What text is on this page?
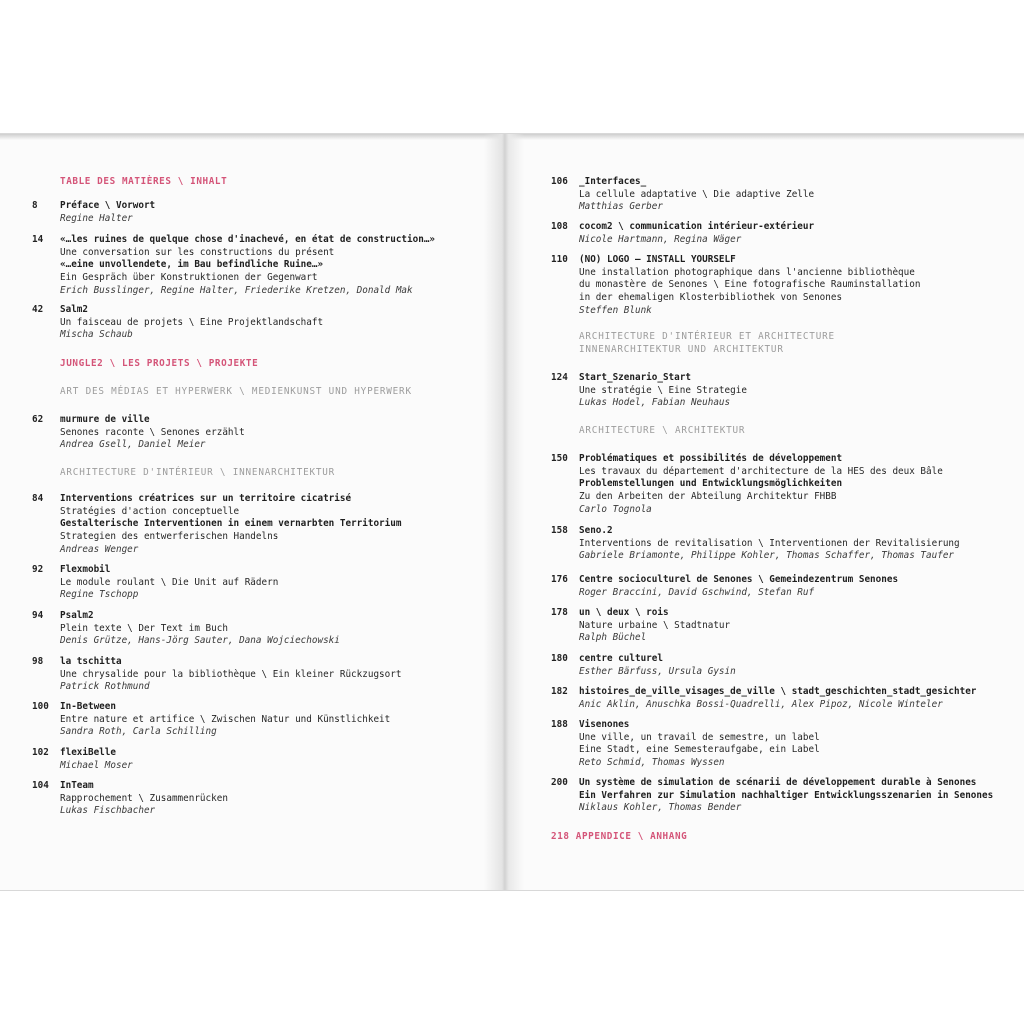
TABLE DES MATIÈRES \ INHALT
8 Préface \ Vorwort
Regine Halter
14 «…les ruines de quelque chose d'inachevé, en état de construction…»
Une conversation sur les constructions du présent
«…eine unvollendete, im Bau befindliche Ruine…»
Ein Gespräch über Konstruktionen der Gegenwart
Erich Busslinger, Regine Halter, Friederike Kretzen, Donald Mak
42 Salm2
Un faisceau de projets \ Eine Projektlandschaft
Mischa Schaub
JUNGLE2 \ LES PROJETS \ PROJEKTE
ART DES MÉDIAS ET HYPERWERK \ MEDIENKUNST UND HYPERWERK
62 murmure de ville
Senones raconte \ Senones erzählt
Andrea Gsell, Daniel Meier
ARCHITECTURE D'INTÉRIEUR \ INNENARCHITEKTUR
84 Interventions créatrices sur un territoire cicatrisé
Stratégies d'action conceptuelle
Gestalterische Interventionen in einem vernarbten Territorium
Strategien des entwerferischen Handelns
Andreas Wenger
92 Flexmobil
Le module roulant \ Die Unit auf Rädern
Regine Tschopp
94 Psalm2
Plein texte \ Der Text im Buch
Denis Grütze, Hans-Jörg Sauter, Dana Wojciechowski
98 la tschitta
Une chrysalide pour la bibliothèque \ Ein kleiner Rückzugsort
Patrick Rothmund
100 In-Between
Entre nature et artifice \ Zwischen Natur und Künstlichkeit
Sandra Roth, Carla Schilling
102 flexiBelle
Michael Moser
104 InTeam
Rapprochement \ Zusammenrücken
Lukas Fischbacher
106 _Interfaces_
La cellule adaptative \ Die adaptive Zelle
Matthias Gerber
108 cocom2 \ communication intérieur-extérieur
Nicole Hartmann, Regina Wäger
110 (NO) LOGO – INSTALL YOURSELF
Une installation photographique dans l'ancienne bibliothèque
du monastère de Senones \ Eine fotografische Rauminstallation
in der ehemaligen Klosterbibliothek von Senones
Steffen Blunk
ARCHITECTURE D'INTÉRIEUR ET ARCHITECTURE
INNENARCHITEKTUR UND ARCHITEKTUR
124 Start_Szenario_Start
Une stratégie \ Eine Strategie
Lukas Hodel, Fabian Neuhaus
ARCHITECTURE \ ARCHITEKTUR
150 Problématiques et possibilités de développement
Les travaux du département d'architecture de la HES des deux Bâle
Problemstellungen und Entwicklungsmöglichkeiten
Zu den Arbeiten der Abteilung Architektur FHBB
Carlo Tognola
158 Seno.2
Interventions de revitalisation \ Interventionen der Revitalisierung
Gabriele Briamonte, Philippe Kohler, Thomas Schaffer, Thomas Taufer
176 Centre socioculturel de Senones \ Gemeindezentrum Senones
Roger Braccini, David Gschwind, Stefan Ruf
178 un \ deux \ rois
Nature urbaine \ Stadtnatur
Ralph Büchel
180 centre culturel
Esther Bärfuss, Ursula Gysin
182 histoires_de_ville_visages_de_ville \ stadt_geschichten_stadt_gesichter
Anic Aklin, Anuschka Bossi-Quadrelli, Alex Pipoz, Nicole Winteler
188 Visenones
Une ville, un travail de semestre, un label
Eine Stadt, eine Semesteraufgabe, ein Label
Reto Schmid, Thomas Wyssen
200 Un système de simulation de scénarii de développement durable à Senones
Ein Verfahren zur Simulation nachhaltiger Entwicklungsszenarien in Senones
Niklaus Kohler, Thomas Bender
218 APPENDICE \ ANHANG
